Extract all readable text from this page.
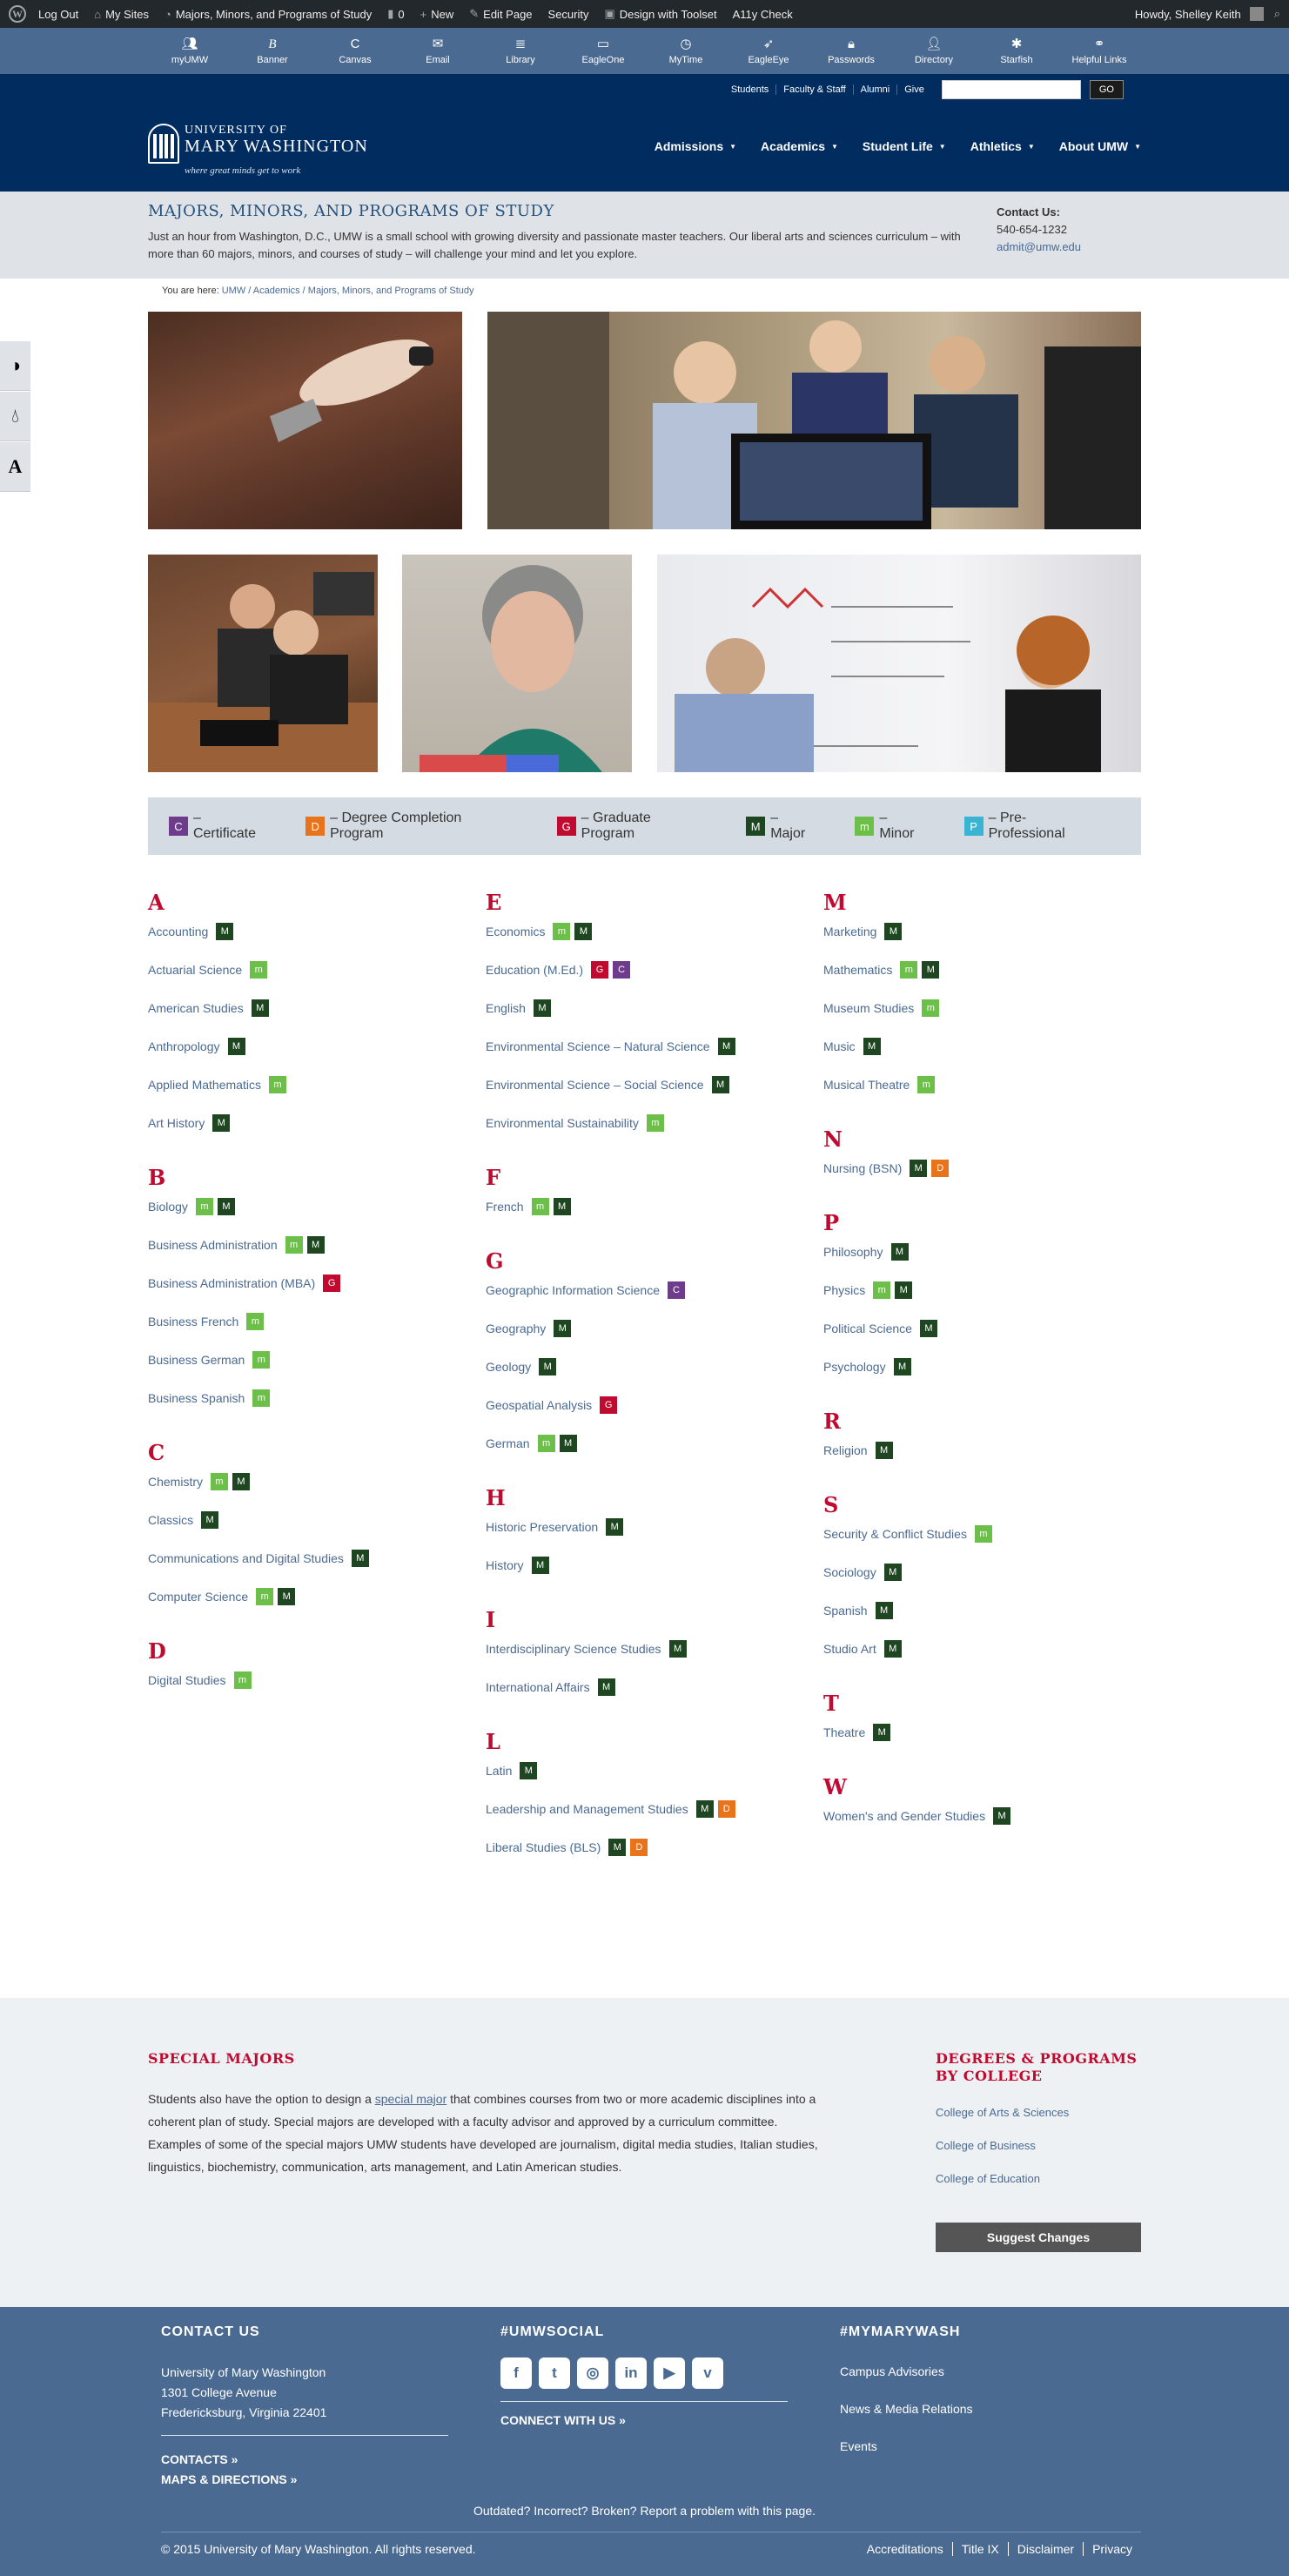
W	Log Out ⌂ My Sites ◔ Majors, Minors, and Programs of Study ▮ 0 + New ✎ Edit Page Security ▣ Design with Toolset A11y Check	Howdy, Shelley Keith	⌕
👥︎
myUMW
B
Banner
C
Canvas
✉
Email
≣
Library
▭
EagleOne
◷
MyTime
➶
EagleEye
🔒︎
Passwords
👤︎
Directory
✱
Starfish
⚭
Helpful Links
Students	Faculty & Staff	Alumni	Give	GO
UNIVERSITY OF
MARY WASHINGTON
where great minds get to work
Admissions ▼ Academics ▼ Student Life ▼ Athletics ▼ About UMW ▼
MAJORS, MINORS, AND PROGRAMS OF STUDY

Just an hour from Washington, D.C., UMW is a small school with growing diversity and passionate master teachers. Our liberal arts and sciences curriculum – with more than 60 majors, minors, and courses of study – will challenge your mind and let you explore.

Contact Us:
540-654-1232
admit@umw.edu
You are here: UMW / Academics / Majors, Minors, and Programs of Study
◑
💧︎
A
C
– Certificate	D
– Degree Completion Program	G
– Graduate Program	M
– Major	m
– Minor	P
– Pre-Professional
A
Accounting	M
Actuarial Science	m
American Studies	M
Anthropology	M
Applied Mathematics	m
Art History	M
B
Biology	m	M
Business Administration	m	M
Business Administration (MBA)	G
Business French	m
Business German	m
Business Spanish	m
C
Chemistry	m	M
Classics	M
Communications and Digital Studies	M
Computer Science	m	M
D
Digital Studies	m
E
Economics	m	M
Education (M.Ed.)	G	C
English	M
Environmental Science – Natural Science	M
Environmental Science – Social Science	M
Environmental Sustainability	m
F
French	m	M
G
Geographic Information Science	C
Geography	M
Geology	M
Geospatial Analysis	G
German	m	M
H
Historic Preservation	M
History	M
I
Interdisciplinary Science Studies	M
International Affairs	M
L
Latin	M
Leadership and Management Studies	M	D
Liberal Studies (BLS)	M	D
M
Marketing	M
Mathematics	m	M
Museum Studies	m
Music	M
Musical Theatre	m
N
Nursing (BSN)	M	D
P
Philosophy	M
Physics	m	M
Political Science	M
Psychology	M
R
Religion	M
S
Security & Conflict Studies	m
Sociology	M
Spanish	M
Studio Art	M
T
Theatre	M
W
Women's and Gender Studies	M
SPECIAL MAJORS

Students also have the option to design a special major that combines courses from two or more academic disciplines into a coherent plan of study. Special majors are developed with a faculty advisor and approved by a curriculum committee. Examples of some of the special majors UMW students have developed are journalism, digital media studies, Italian studies, linguistics, biochemistry, communication, arts management, and Latin American studies.

DEGREES & PROGRAMS BY COLLEGE
College of Arts & Sciences
College of Business
College of Education
Suggest Changes
CONTACT US
University of Mary Washington
1301 College Avenue
Fredericksburg, Virginia 22401
CONTACTS »
MAPS & DIRECTIONS »
#UMWSOCIAL
f	t	◎	in	▶	v
CONNECT WITH US »
#MYMARYWASH
Campus Advisories
News & Media Relations
Events
Outdated? Incorrect? Broken? Report a problem with this page.
© 2015 University of Mary Washington. All rights reserved.	Accreditations	Title IX	Disclaimer	Privacy
